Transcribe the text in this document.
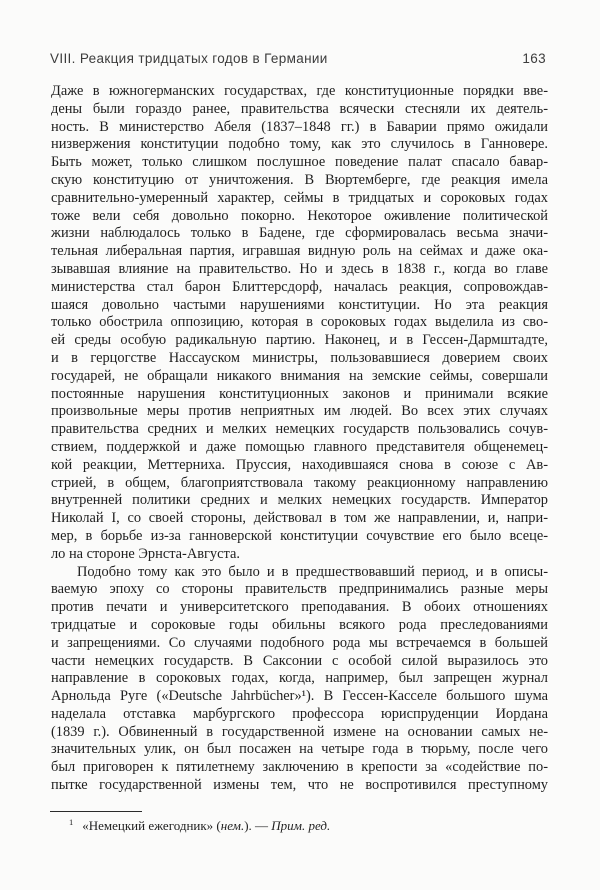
VIII. Реакция тридцатых годов в Германии	163
Даже в южногерманских государствах, где конституционные порядки вве-
дены были гораздо ранее, правительства всячески стесняли их деятель-
ность. В министерство Абеля (1837–1848 гг.) в Баварии прямо ожидали
низвержения конституции подобно тому, как это случилось в Ганновере.
Быть может, только слишком послушное поведение палат спасало бавар-
скую конституцию от уничтожения. В Вюртемберге, где реакция имела
сравнительно-умеренный характер, сеймы в тридцатых и сороковых годах
тоже вели себя довольно покорно. Некоторое оживление политической
жизни наблюдалось только в Бадене, где сформировалась весьма значи-
тельная либеральная партия, игравшая видную роль на сеймах и даже ока-
зывавшая влияние на правительство. Но и здесь в 1838 г., когда во главе
министерства стал барон Блиттерсдорф, началась реакция, сопровождав-
шаяся довольно частыми нарушениями конституции. Но эта реакция
только обострила оппозицию, которая в сороковых годах выделила из сво-
ей среды особую радикальную партию. Наконец, и в Гессен-Дармштадте,
и в герцогстве Нассауском министры, пользовавшиеся доверием своих
государей, не обращали никакого внимания на земские сеймы, совершали
постоянные нарушения конституционных законов и принимали всякие
произвольные меры против неприятных им людей. Во всех этих случаях
правительства средних и мелких немецких государств пользовались сочув-
ствием, поддержкой и даже помощью главного представителя общенемец-
кой реакции, Меттерниха. Пруссия, находившаяся снова в союзе с Ав-
стрией, в общем, благоприятствовала такому реакционному направлению
внутренней политики средних и мелких немецких государств. Император
Николай I, со своей стороны, действовал в том же направлении, и, напри-
мер, в борьбе из-за ганноверской конституции сочувствие его было всеце-
ло на стороне Эрнста-Августа.
Подобно тому как это было и в предшествовавший период, и в описы-
ваемую эпоху со стороны правительств предпринимались разные меры
против печати и университетского преподавания. В обоих отношениях
тридцатые и сороковые годы обильны всякого рода преследованиями
и запрещениями. Со случаями подобного рода мы встречаемся в большей
части немецких государств. В Саксонии с особой силой выразилось это
направление в сороковых годах, когда, например, был запрещен журнал
Арнольда Руге («Deutsche Jahrbücher»¹). В Гессен-Касселе большого шума
наделала отставка марбургского профессора юриспруденции Иордана
(1839 г.). Обвиненный в государственной измене на основании самых не-
значительных улик, он был посажен на четыре года в тюрьму, после чего
был приговорен к пятилетнему заключению в крепости за «содействие по-
пытке государственной измены тем, что не воспротивился преступному
$^1$ «Немецкий ежегодник» (нем.). — Прим. ред.
